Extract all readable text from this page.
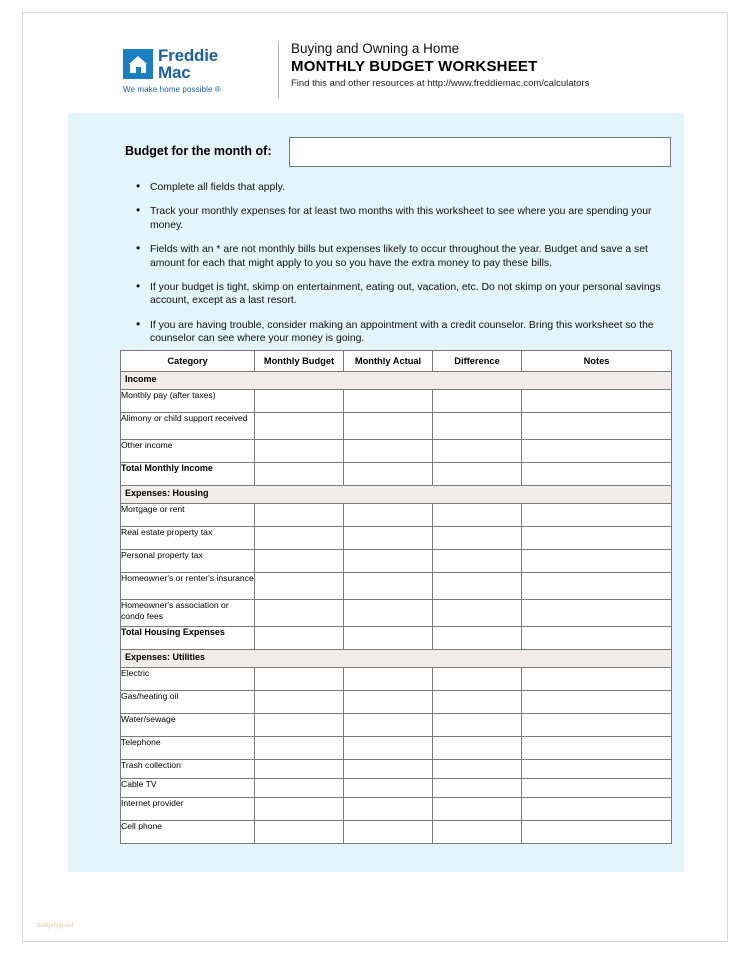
Freddie
Mac
We make home possible ®
Buying and Owning a Home
MONTHLY BUDGET WORKSHEET
Find this and other resources at http://www.freddiemac.com/calculators
Budget for the month of:
• Complete all fields that apply.
• Track your monthly expenses for at least two months with this worksheet to see where you are spending your money.
• Fields with an * are not monthly bills but expenses likely to occur throughout the year. Budget and save a set amount for each that might apply to you so you have the extra money to pay these bills.
• If your budget is tight, skimp on entertainment, eating out, vacation, etc. Do not skimp on your personal savings account, except as a last resort.
• If you are having trouble, consider making an appointment with a credit counselor. Bring this worksheet so the counselor can see where your money is going.
Category	Monthly Budget	Monthly Actual	Difference	Notes
Income				
Monthly pay (after taxes)				
Alimony or child support received				
Other income				
Total Monthly Income				
Expenses: Housing				
Mortgage or rent				
Real estate property tax				
Personal property tax				
Homeowner's or renter's insurance				
Homeowner's association or condo fees				
Total Housing Expenses				
Expenses: Utilities				
Electric				
Gas/heating oil				
Water/sewage				
Telephone				
Trash collection				
Cable TV				
Internet provider				
Cell phone				
budgeting.net
